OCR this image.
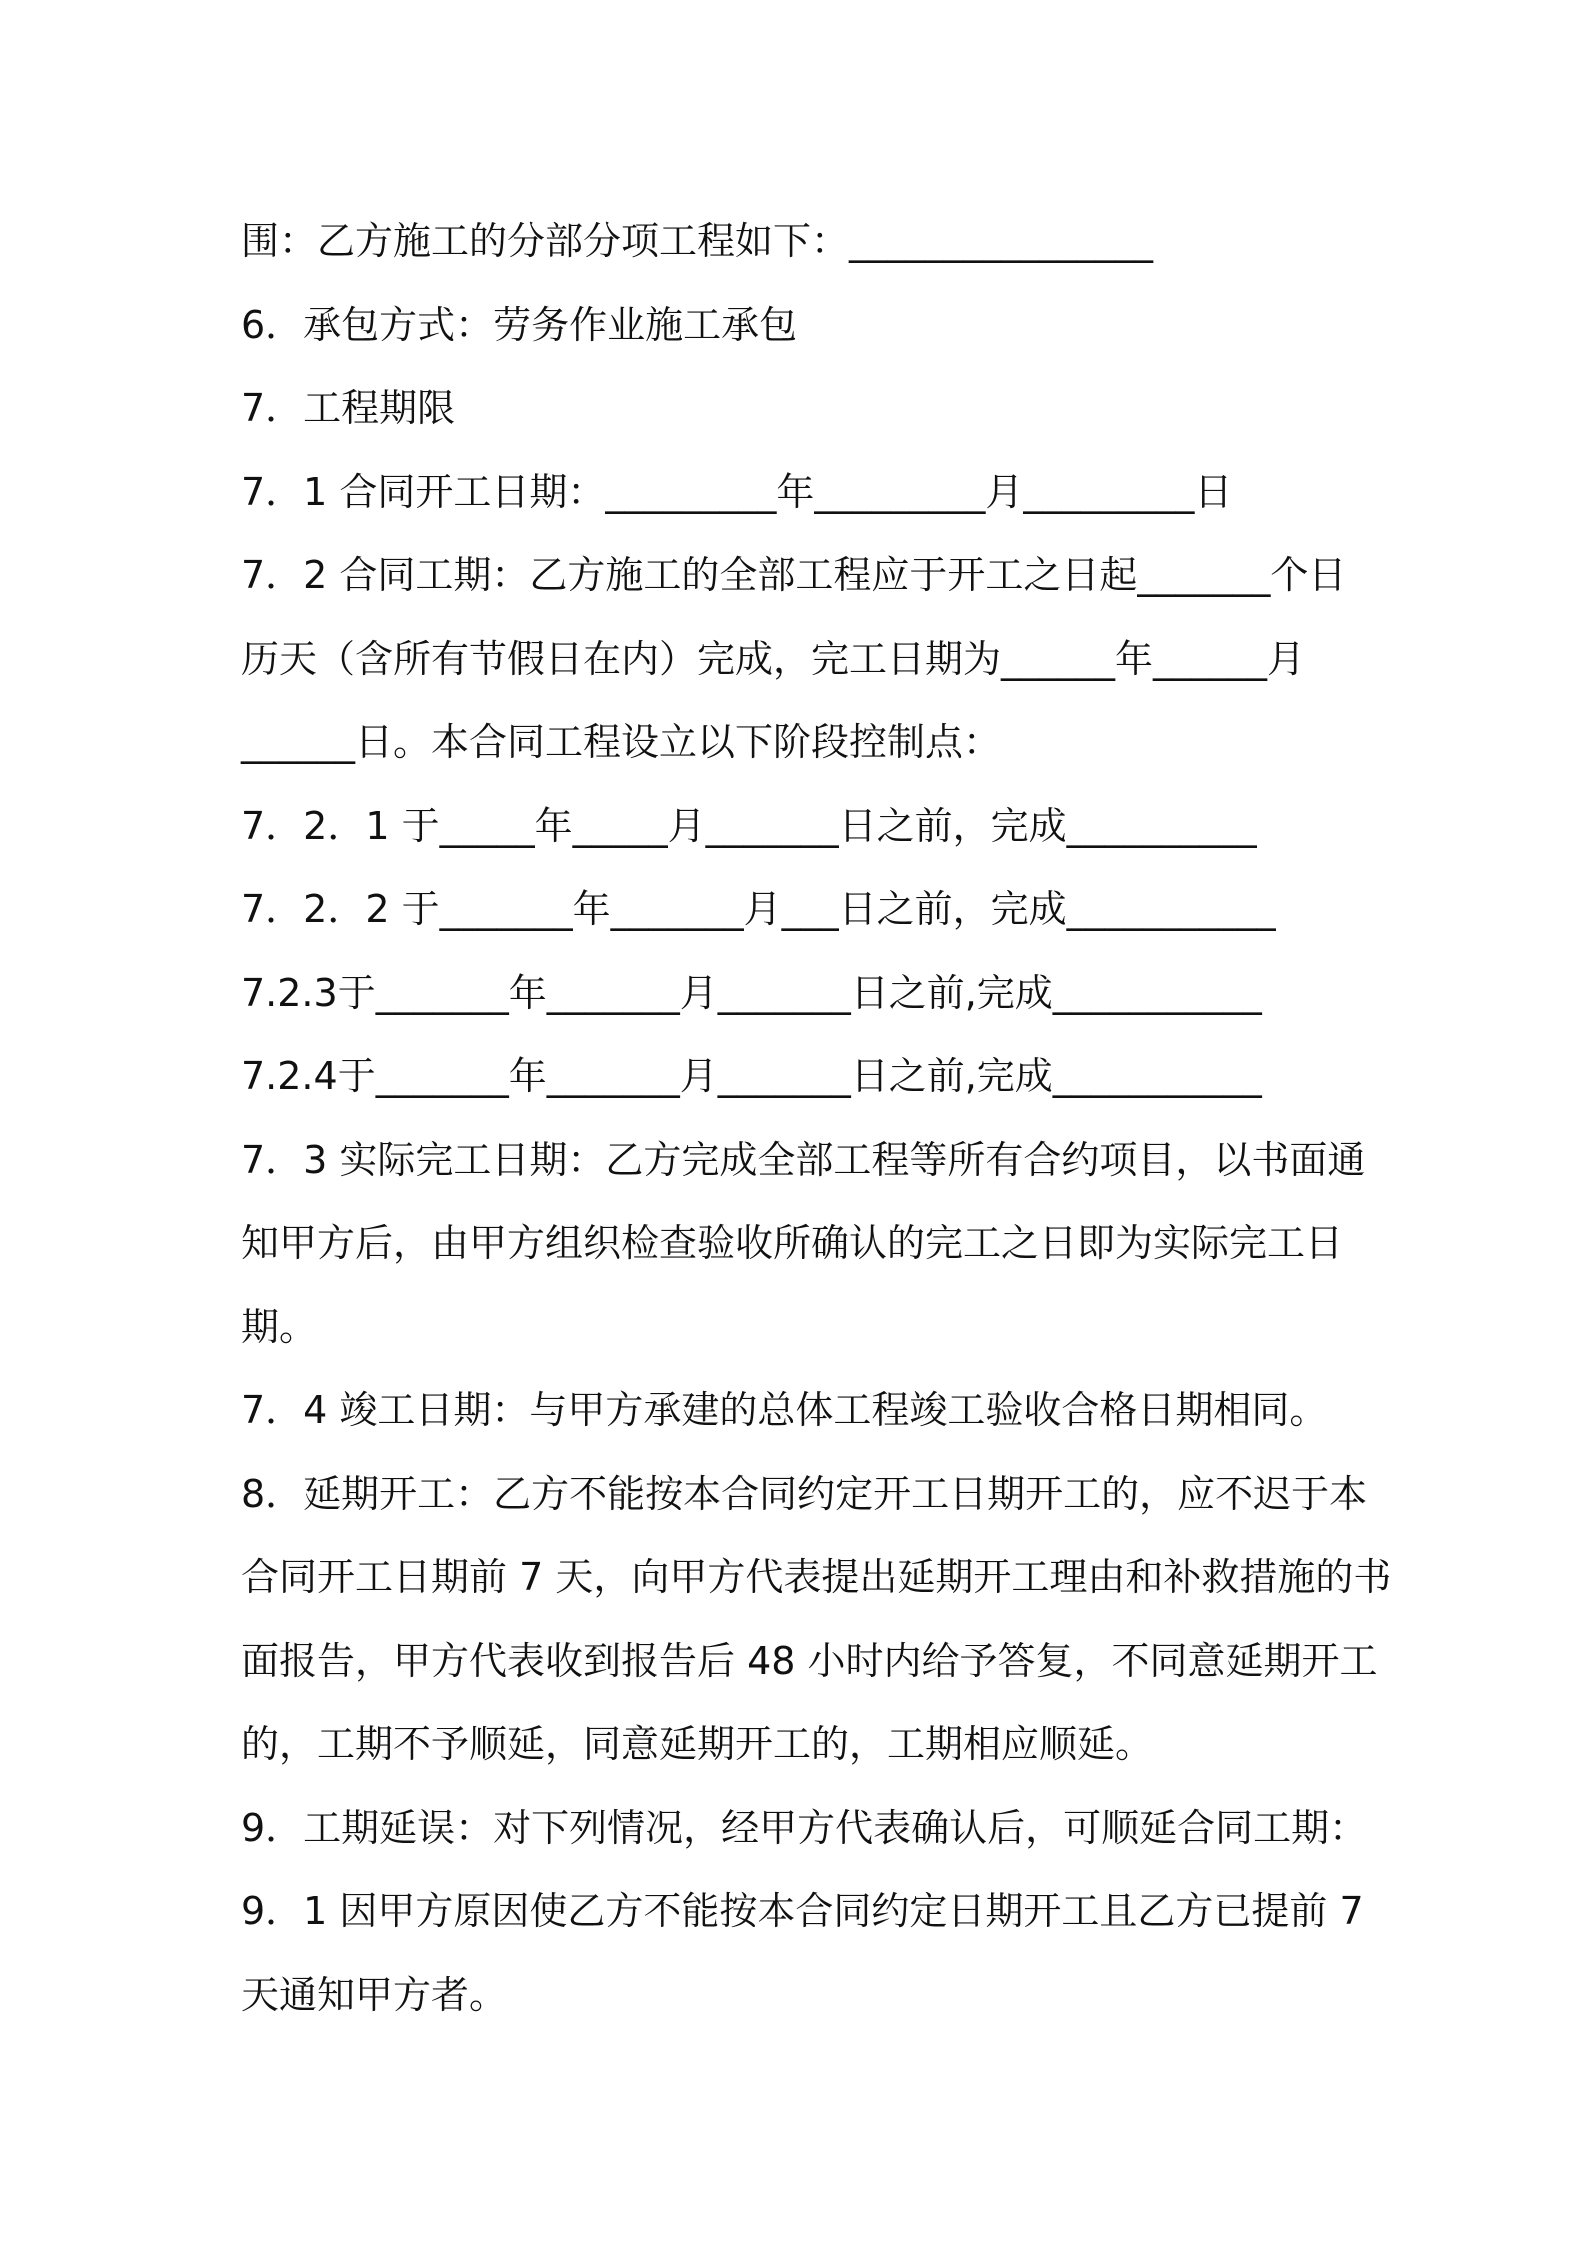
围：乙方施工的分部分项工程如下：________________
6．承包方式：劳务作业施工承包
7．工程期限
7．1 合同开工日期：_________年_________月_________日
7．2 合同工期：乙方施工的全部工程应于开工之日起_______个日
历天（含所有节假日在内）完成，完工日期为______年______月
______日。本合同工程设立以下阶段控制点：
7．2．1 于_____年_____月_______日之前，完成__________
7．2．2 于_______年_______月___日之前，完成___________
7.2.3于_______年_______月_______日之前,完成___________
7.2.4于_______年_______月_______日之前,完成___________
7．3 实际完工日期：乙方完成全部工程等所有合约项目，以书面通
知甲方后，由甲方组织检查验收所确认的完工之日即为实际完工日
期。
7．4 竣工日期：与甲方承建的总体工程竣工验收合格日期相同。
8．延期开工：乙方不能按本合同约定开工日期开工的，应不迟于本
合同开工日期前 7 天，向甲方代表提出延期开工理由和补救措施的书
面报告，甲方代表收到报告后 48 小时内给予答复，不同意延期开工
的，工期不予顺延，同意延期开工的，工期相应顺延。
9．工期延误：对下列情况，经甲方代表确认后，可顺延合同工期：
9．1 因甲方原因使乙方不能按本合同约定日期开工且乙方已提前 7
天通知甲方者。
